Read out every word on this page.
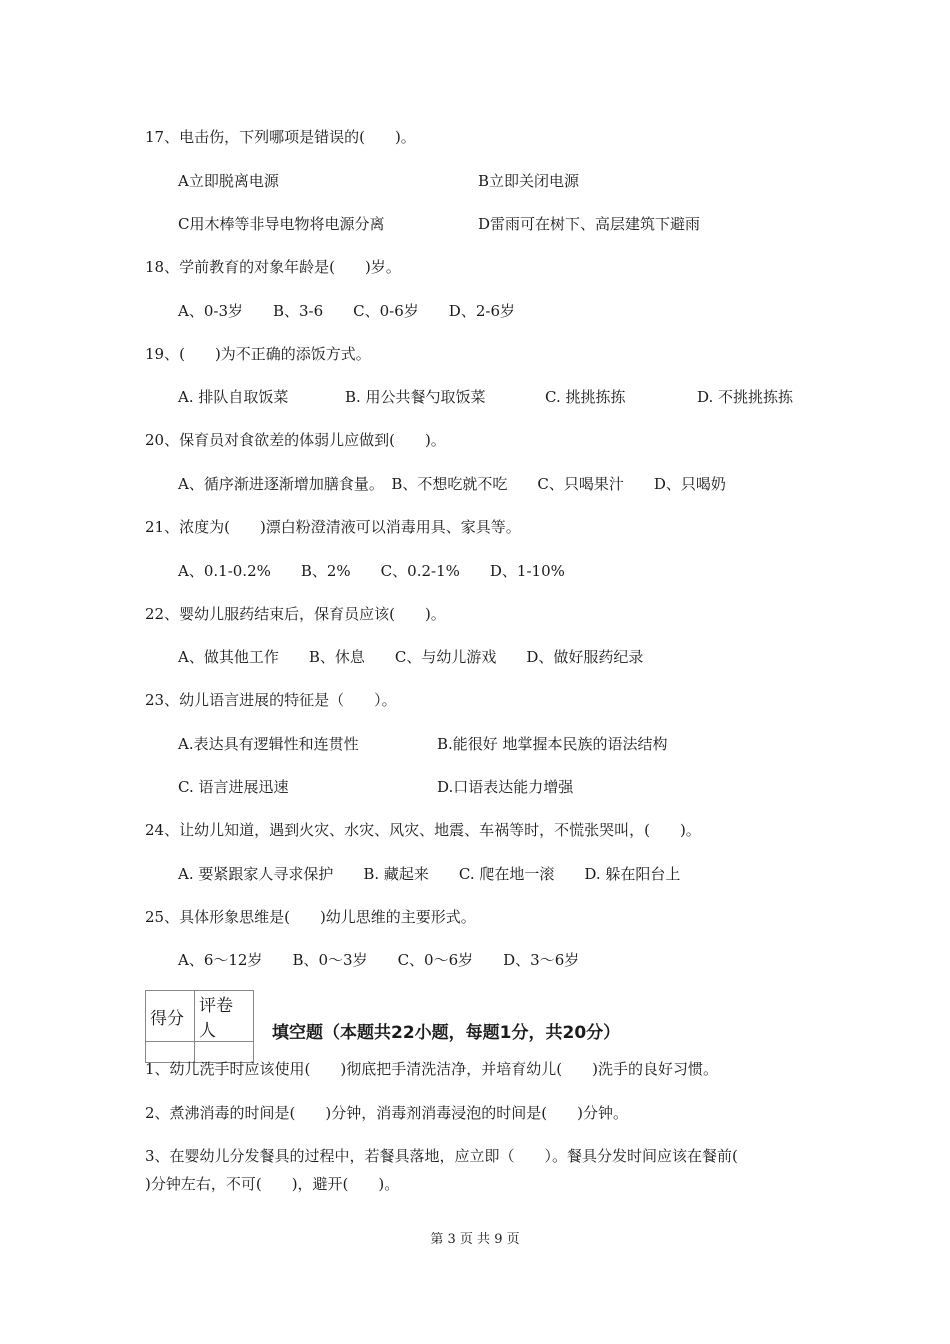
17、电击伤，下列哪项是错误的(　　)。
A立即脱离电源	B立即关闭电源
C用木棒等非导电物将电源分离	D雷雨可在树下、高层建筑下避雨
18、学前教育的对象年龄是(　　)岁。
A、0-3岁　　B、3-6　　C、0-6岁　　D、2-6岁
19、(　　)为不正确的添饭方式。
A. 排队自取饭菜	B. 用公共餐勺取饭菜	C. 挑挑拣拣	D. 不挑挑拣拣
20、保育员对食欲差的体弱儿应做到(　　)。
A、循序渐进逐渐增加膳食量。　B、不想吃就不吃　　C、只喝果汁　　D、只喝奶
21、浓度为(　　)漂白粉澄清液可以消毒用具、家具等。
A、0.1-0.2%　　B、2%　　C、0.2-1%　　D、1-10%
22、婴幼儿服药结束后，保育员应该(　　)。
A、做其他工作　　B、休息　　C、与幼儿游戏　　D、做好服药纪录
23、幼儿语言进展的特征是（　　）。
A.表达具有逻辑性和连贯性	B.能很好 地掌握本民族的语法结构
C. 语言进展迅速	D.口语表达能力增强
24、让幼儿知道，遇到火灾、水灾、风灾、地震、车祸等时，不慌张哭叫，(　　)。
A. 要紧跟家人寻求保护　　B. 藏起来　　C. 爬在地一滚　　D. 躲在阳台上
25、具体形象思维是(　　)幼儿思维的主要形式。
A、6～12岁　　B、0～3岁　　C、0～6岁　　D、3～6岁
得分	评卷人
		填空题（本题共22小题，每题1分，共20分）
1、幼儿洗手时应该使用(　　)彻底把手清洗洁净，并培育幼儿(　　)洗手的良好习惯。
2、煮沸消毒的时间是(　　)分钟，消毒剂消毒浸泡的时间是(　　)分钟。
3、在婴幼儿分发餐具的过程中，若餐具落地，应立即（　　）。餐具分发时间应该在餐前(
)分钟左右，不可(　　)，避开(　　)。
第 3 页 共 9 页
